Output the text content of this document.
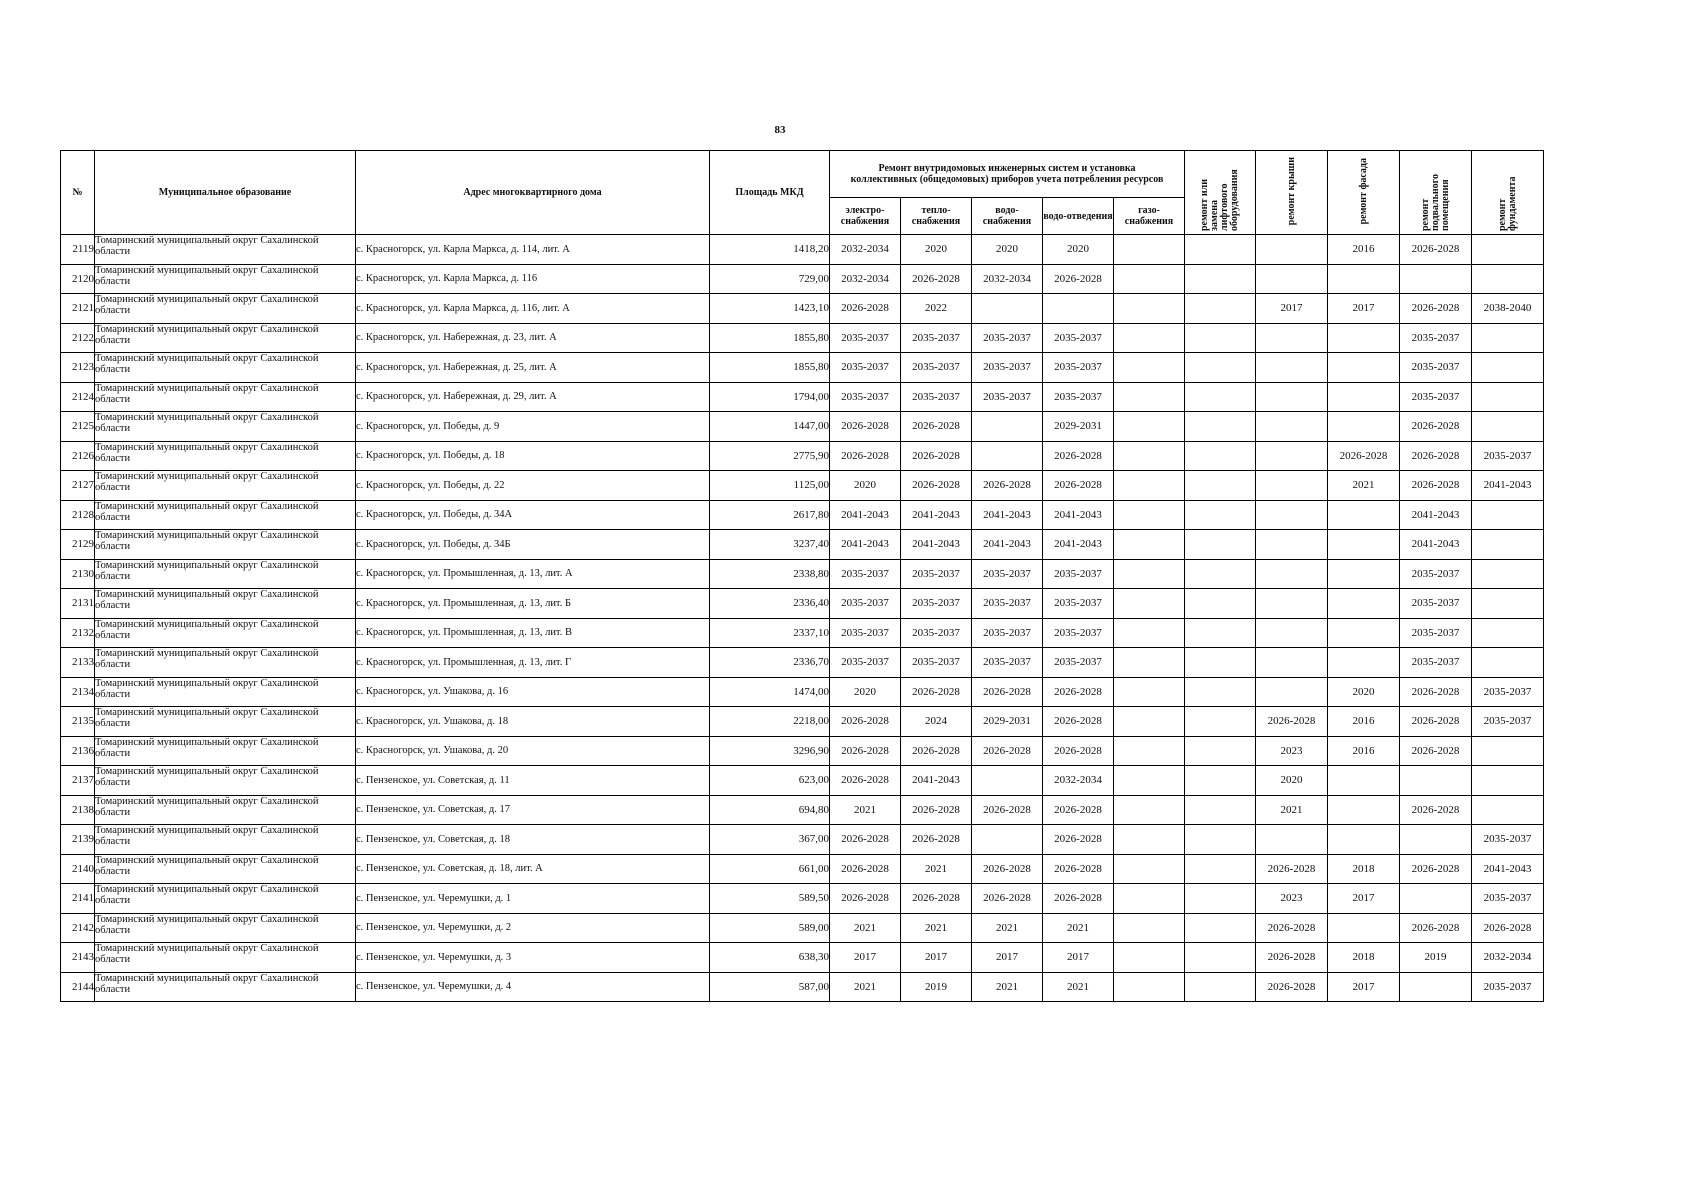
83
№	Муниципальное образование	Адрес многоквартирного дома	Площадь МКД	Ремонт внутридомовых инженерных систем и установка коллективных (общедомовых) приборов учета потребления ресурсов					ремонт или замена лифтового оборудования	ремонт крыши	ремонт фасада	ремонт подвального помещения	ремонт фундамента
				электро-снабжения	тепло-снабжения	водо-снабжения	водо-отведения	газо-снабжения					
2119	Томаринский муниципальный округ Сахалинской области	с. Красногорск, ул. Карла Маркса, д. 114, лит. А	1418,20	2032-2034	2020	2020	2020				2016	2026-2028	
2120	Томаринский муниципальный округ Сахалинской области	с. Красногорск, ул. Карла Маркса, д. 116	729,00	2032-2034	2026-2028	2032-2034	2026-2028						
2121	Томаринский муниципальный округ Сахалинской области	с. Красногорск, ул. Карла Маркса, д. 116, лит. А	1423,10	2026-2028	2022					2017	2017	2026-2028	2038-2040
2122	Томаринский муниципальный округ Сахалинской области	с. Красногорск, ул. Набережная, д. 23, лит. А	1855,80	2035-2037	2035-2037	2035-2037	2035-2037					2035-2037	
2123	Томаринский муниципальный округ Сахалинской области	с. Красногорск, ул. Набережная, д. 25, лит. А	1855,80	2035-2037	2035-2037	2035-2037	2035-2037					2035-2037	
2124	Томаринский муниципальный округ Сахалинской области	с. Красногорск, ул. Набережная, д. 29, лит. А	1794,00	2035-2037	2035-2037	2035-2037	2035-2037					2035-2037	
2125	Томаринский муниципальный округ Сахалинской области	с. Красногорск, ул. Победы, д. 9	1447,00	2026-2028	2026-2028		2029-2031					2026-2028	
2126	Томаринский муниципальный округ Сахалинской области	с. Красногорск, ул. Победы, д. 18	2775,90	2026-2028	2026-2028		2026-2028				2026-2028	2026-2028	2035-2037
2127	Томаринский муниципальный округ Сахалинской области	с. Красногорск, ул. Победы, д. 22	1125,00	2020	2026-2028	2026-2028	2026-2028				2021	2026-2028	2041-2043
2128	Томаринский муниципальный округ Сахалинской области	с. Красногорск, ул. Победы, д. 34А	2617,80	2041-2043	2041-2043	2041-2043	2041-2043					2041-2043	
2129	Томаринский муниципальный округ Сахалинской области	с. Красногорск, ул. Победы, д. 34Б	3237,40	2041-2043	2041-2043	2041-2043	2041-2043					2041-2043	
2130	Томаринский муниципальный округ Сахалинской области	с. Красногорск, ул. Промышленная, д. 13, лит. А	2338,80	2035-2037	2035-2037	2035-2037	2035-2037					2035-2037	
2131	Томаринский муниципальный округ Сахалинской области	с. Красногорск, ул. Промышленная, д. 13, лит. Б	2336,40	2035-2037	2035-2037	2035-2037	2035-2037					2035-2037	
2132	Томаринский муниципальный округ Сахалинской области	с. Красногорск, ул. Промышленная, д. 13, лит. В	2337,10	2035-2037	2035-2037	2035-2037	2035-2037					2035-2037	
2133	Томаринский муниципальный округ Сахалинской области	с. Красногорск, ул. Промышленная, д. 13, лит. Г	2336,70	2035-2037	2035-2037	2035-2037	2035-2037					2035-2037	
2134	Томаринский муниципальный округ Сахалинской области	с. Красногорск, ул. Ушакова, д. 16	1474,00	2020	2026-2028	2026-2028	2026-2028				2020	2026-2028	2035-2037
2135	Томаринский муниципальный округ Сахалинской области	с. Красногорск, ул. Ушакова, д. 18	2218,00	2026-2028	2024	2029-2031	2026-2028			2026-2028	2016	2026-2028	2035-2037
2136	Томаринский муниципальный округ Сахалинской области	с. Красногорск, ул. Ушакова, д. 20	3296,90	2026-2028	2026-2028	2026-2028	2026-2028			2023	2016	2026-2028	
2137	Томаринский муниципальный округ Сахалинской области	с. Пензенское, ул. Советская, д. 11	623,00	2026-2028	2041-2043		2032-2034			2020			
2138	Томаринский муниципальный округ Сахалинской области	с. Пензенское, ул. Советская, д. 17	694,80	2021	2026-2028	2026-2028	2026-2028			2021		2026-2028	
2139	Томаринский муниципальный округ Сахалинской области	с. Пензенское, ул. Советская, д. 18	367,00	2026-2028	2026-2028		2026-2028						2035-2037
2140	Томаринский муниципальный округ Сахалинской области	с. Пензенское, ул. Советская, д. 18, лит. А	661,00	2026-2028	2021	2026-2028	2026-2028			2026-2028	2018	2026-2028	2041-2043
2141	Томаринский муниципальный округ Сахалинской области	с. Пензенское, ул. Черемушки, д. 1	589,50	2026-2028	2026-2028	2026-2028	2026-2028			2023	2017		2035-2037
2142	Томаринский муниципальный округ Сахалинской области	с. Пензенское, ул. Черемушки, д. 2	589,00	2021	2021	2021	2021			2026-2028		2026-2028	2026-2028
2143	Томаринский муниципальный округ Сахалинской области	с. Пензенское, ул. Черемушки, д. 3	638,30	2017	2017	2017	2017			2026-2028	2018	2019	2032-2034
2144	Томаринский муниципальный округ Сахалинской области	с. Пензенское, ул. Черемушки, д. 4	587,00	2021	2019	2021	2021			2026-2028	2017		2035-2037
